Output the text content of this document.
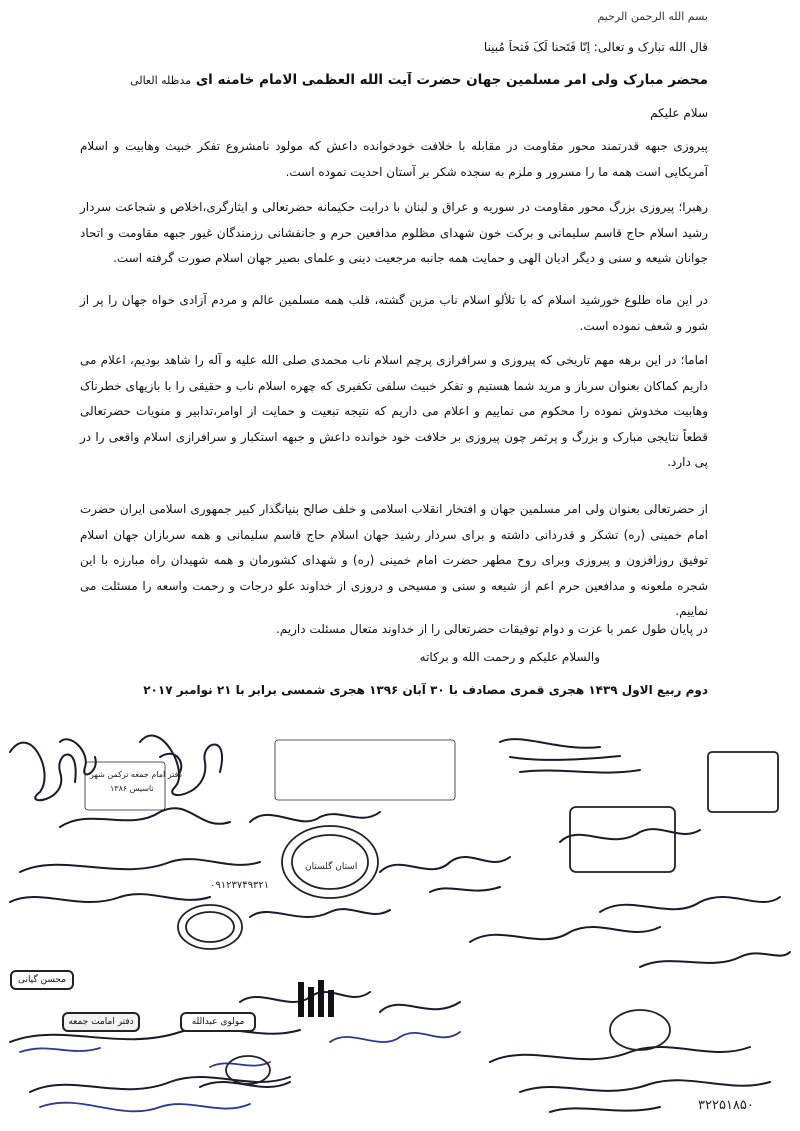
بسم الله الرحمن الرحیم
قال الله تبارک و تعالی: اِنّا فَتَحنا لَکَ فَتحاً مُبینا
محضر مبارک ولی امر مسلمین جهان حضرت آیت الله العظمی الامام خامنه ای مدظله العالی
سلام علیکم
پیروزی جبهه قدرتمند محور مقاومت در مقابله با خلافت خودخوانده داعش که مولود نامشروع تفکر خبیث وهابیت و اسلام آمریکایی است همه ما را مسرور و ملزم به سجده شکر بر آستان احدیت نموده است.
رهبرا؛ پیروزی بزرگ محور مقاومت در سوریه و عراق و لبنان با درایت حکیمانه حضرتعالی و ایثارگری،اخلاص و شجاعت سردار رشید اسلام حاج قاسم سلیمانی و برکت خون شهدای مظلوم مدافعین حرم و جانفشانی رزمندگان غیور جبهه مقاومت و اتحاد جوانان شیعه و سنی و دیگر ادیان الهی و حمایت همه جانبه مرجعیت دینی و علمای بصیر جهان اسلام صورت گرفته است.
در این ماه طلوع خورشید اسلام که با تلألو اسلام ناب مزین گشته، قلب همه مسلمین عالم و مردم آزادی خواه جهان را پر از شور و شعف نموده است.
اماما؛ در این برهه مهم تاریخی که پیروزی و سرافرازی پرچم اسلام ناب محمدی صلی الله علیه و آله را شاهد بودیم، اعلام می داریم کماکان بعنوان سرباز و مرید شما هستیم و تفکر خبیث سلفی تکفیری که چهره اسلام ناب و حقیقی را با بازیهای خطرناک وهابیت مخدوش نموده را محکوم می نماییم و اعلام می داریم که نتیجه تبعیت و حمایت از اوامر،تدابیر و منویات حضرتعالی قطعاً نتایجی مبارک و بزرگ و پرثمر چون پیروزی بر خلافت خود خوانده داعش و جبهه استکبار و سرافرازی اسلام واقعی را در پی دارد.
از حضرتعالی بعنوان ولی امر مسلمین جهان و افتخار انقلاب اسلامی و خلف صالح بنیانگذار کبیر جمهوری اسلامی ایران حضرت امام خمینی (ره) تشکر و قدردانی داشته و برای سردار رشید جهان اسلام حاج قاسم سلیمانی و همه سربازان جهان اسلام توفیق روزافزون و پیروزی وبرای روح مطهر حضرت امام خمینی (ره) و شهدای کشورمان و همه شهیدان راه مبارزه با این شجره ملعونه و مدافعین حرم اعم از شیعه و سنی و مسیحی و دروزی از خداوند علو درجات و رحمت واسعه را مسئلت می نماییم.
در پایان طول عمر با عزت و دوام توفیقات حضرتعالی را از خداوند متعال مسئلت داریم.
والسلام علیکم و رحمت الله و برکاته
دوم ربیع الاول ۱۴۳۹ هجری قمری مصادف با ۳۰ آبان ۱۳۹۶ هجری شمسی برابر با ۲۱ نوامبر ۲۰۱۷
دفتر امام جمعه ترکمن شهر
تاسیس ۱۳۸۶
استان گلستان
محسن گیانی
دفتر امامت جمعه	مولوی عبدالله
۰۹۱۲۳۷۴۹۳۲۱
۳۲۲۵۱۸۵۰
